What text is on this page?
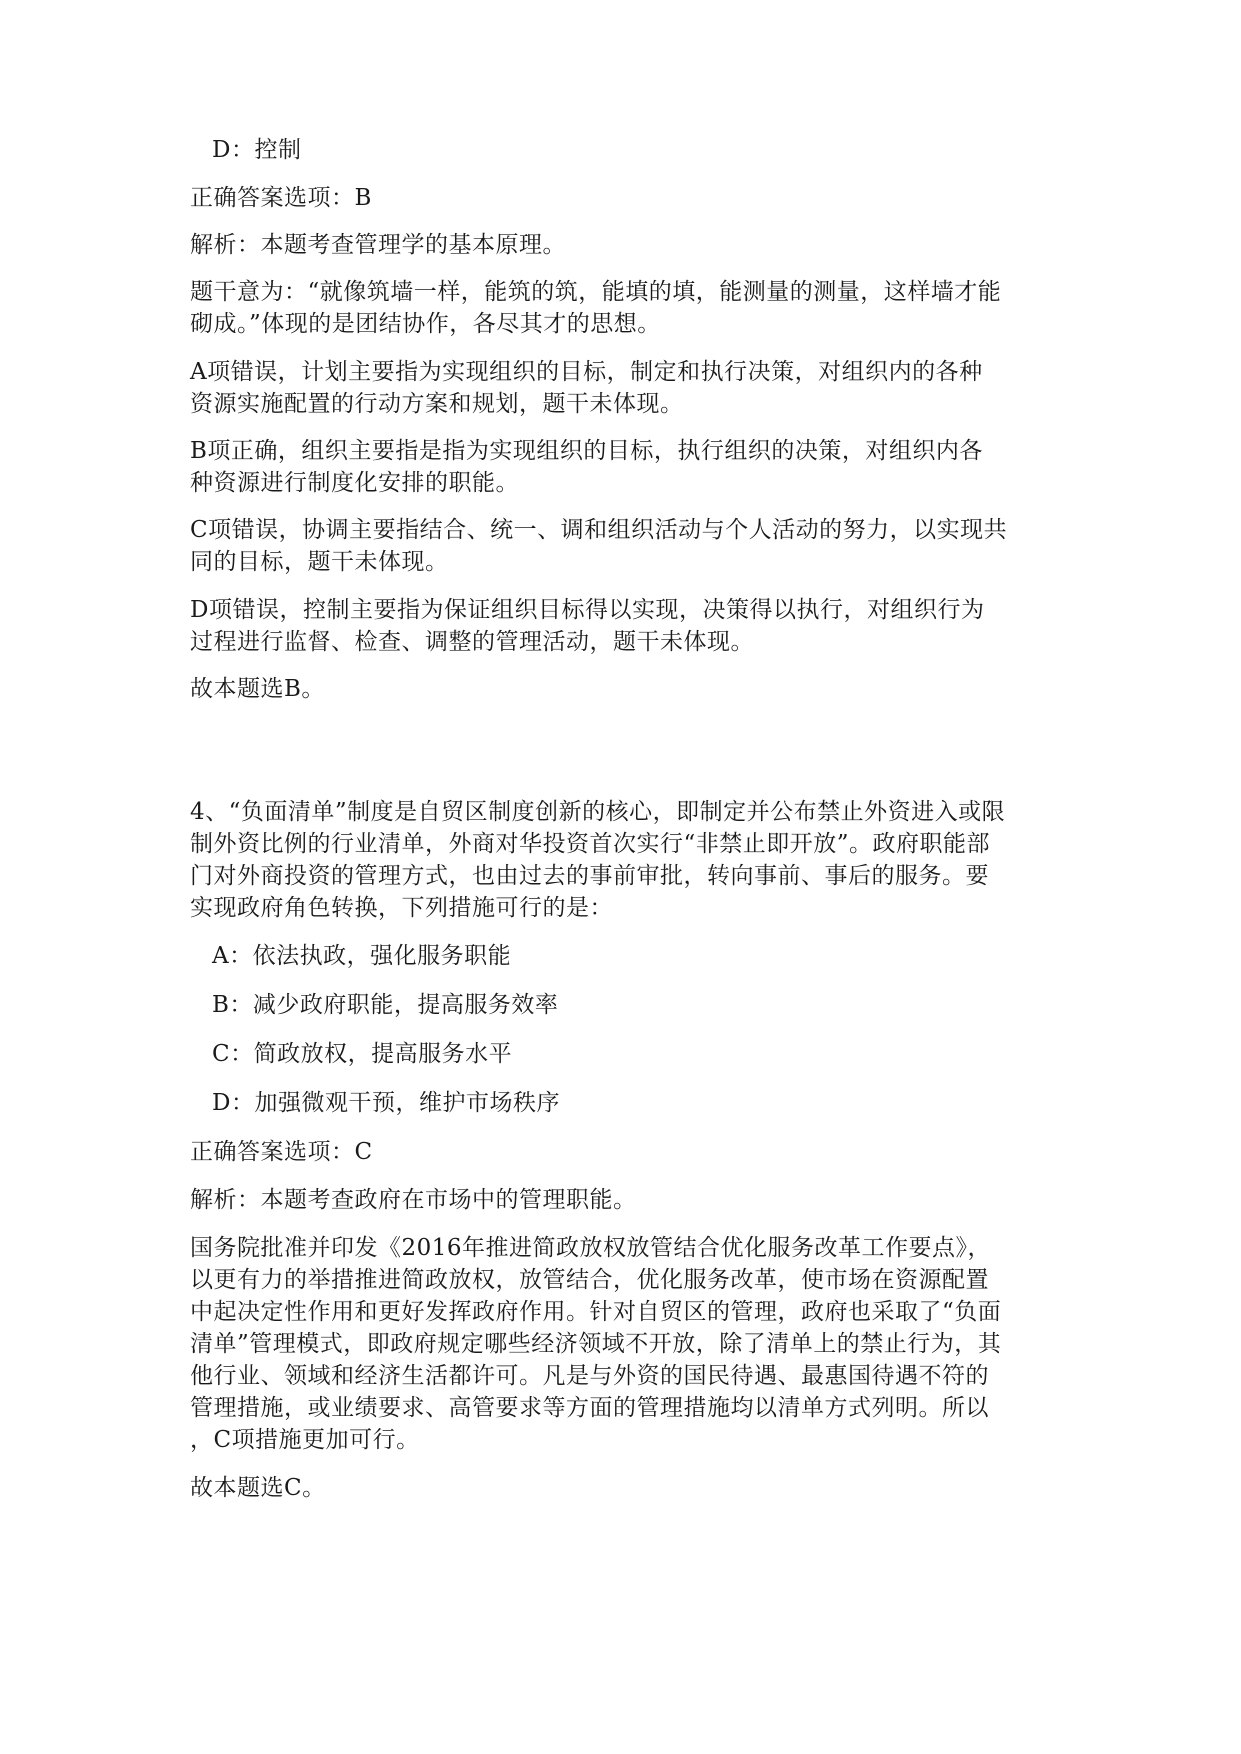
D：控制
正确答案选项：B
解析：本题考查管理学的基本原理。
题干意为：“就像筑墙一样，能筑的筑，能填的填，能测量的测量，这样墙才能
砌成。”体现的是团结协作，各尽其才的思想。
A项错误，计划主要指为实现组织的目标，制定和执行决策，对组织内的各种
资源实施配置的行动方案和规划，题干未体现。
B项正确，组织主要指是指为实现组织的目标，执行组织的决策，对组织内各
种资源进行制度化安排的职能。
C项错误，协调主要指结合、统一、调和组织活动与个人活动的努力，以实现共
同的目标，题干未体现。
D项错误，控制主要指为保证组织目标得以实现，决策得以执行，对组织行为
过程进行监督、检查、调整的管理活动，题干未体现。
故本题选B。
4、“负面清单”制度是自贸区制度创新的核心，即制定并公布禁止外资进入或限
制外资比例的行业清单，外商对华投资首次实行“非禁止即开放”。政府职能部
门对外商投资的管理方式，也由过去的事前审批，转向事前、事后的服务。要
实现政府角色转换，下列措施可行的是：
A：依法执政，强化服务职能
B：减少政府职能，提高服务效率
C：简政放权，提高服务水平
D：加强微观干预，维护市场秩序
正确答案选项：C
解析：本题考查政府在市场中的管理职能。
国务院批准并印发《2016年推进简政放权放管结合优化服务改革工作要点》，
以更有力的举措推进简政放权，放管结合，优化服务改革，使市场在资源配置
中起决定性作用和更好发挥政府作用。针对自贸区的管理，政府也采取了“负面
清单”管理模式，即政府规定哪些经济领域不开放，除了清单上的禁止行为，其
他行业、领域和经济生活都许可。凡是与外资的国民待遇、最惠国待遇不符的
管理措施，或业绩要求、高管要求等方面的管理措施均以清单方式列明。所以
，C项措施更加可行。
故本题选C。
